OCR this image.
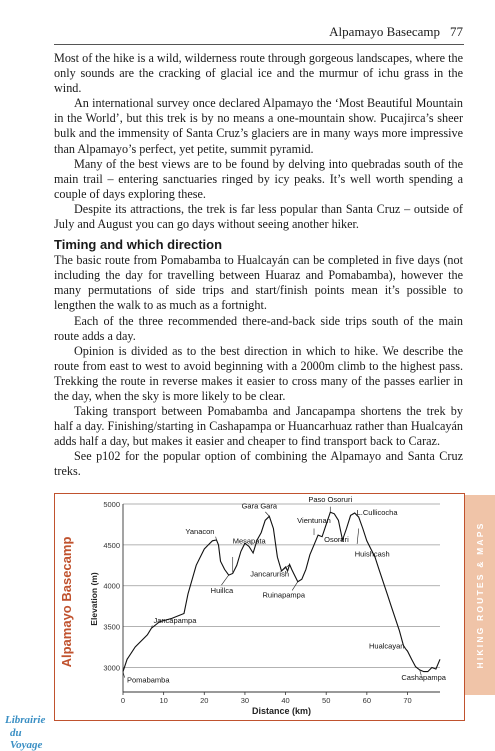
Alpamayo Basecamp 77

Most of the hike is a wild, wilderness route through gorgeous landscapes, where the only sounds are the cracking of glacial ice and the murmur of ichu grass in the wind.

An international survey once declared Alpamayo the ‘Most Beautiful Mountain in the World’, but this trek is by no means a one-mountain show. Pucajirca’s sheer bulk and the immensity of Santa Cruz’s glaciers are in many ways more impressive than Alpamayo’s perfect, yet petite, summit pyramid.

Many of the best views are to be found by delving into quebradas south of the main trail – entering sanctuaries ringed by icy peaks. It’s well worth spending a couple of days exploring these.

Despite its attractions, the trek is far less popular than Santa Cruz – outside of July and August you can go days without seeing another hiker.

Timing and which direction

The basic route from Pomabamba to Hualcayán can be completed in five days (not including the day for travelling between Huaraz and Pomabamba), however the many permutations of side trips and start/finish points mean it’s possible to lengthen the walk to as much as a fortnight.

Each of the three recommended there-and-back side trips south of the main route adds a day.

Opinion is divided as to the best direction in which to hike. We describe the route from east to west to avoid beginning with a 2000m climb to the highest pass. Trekking the route in reverse makes it easier to cross many of the passes earlier in the day, when the sky is more likely to be clear.

Taking transport between Pomabamba and Jancapampa shortens the trek by half a day. Finishing/starting in Cashapampa or Huancarhuaz rather than Hualcayán adds half a day, but makes it easier and cheaper to find transport back to Caraz.

See p102 for the popular option of combining the Alpamayo and Santa Cruz treks.

Alpamayo Basecamp
3000
3500
4000
4500
5000
0	10	20	30	40	50	60	70
Distance (km)
Elevation (m)
Pomabamba
Jancapampa
Yanacon
Mesapata
Huillca
Gara Gara
Jancarurish
Ruinapampa
Vientunan
Paso Osoruri
Osoruri
L.Cullicocha
Huishcash
Hualcayan
Cashapampa
HIKING ROUTES & MAPS
Librairie
du Voyage
